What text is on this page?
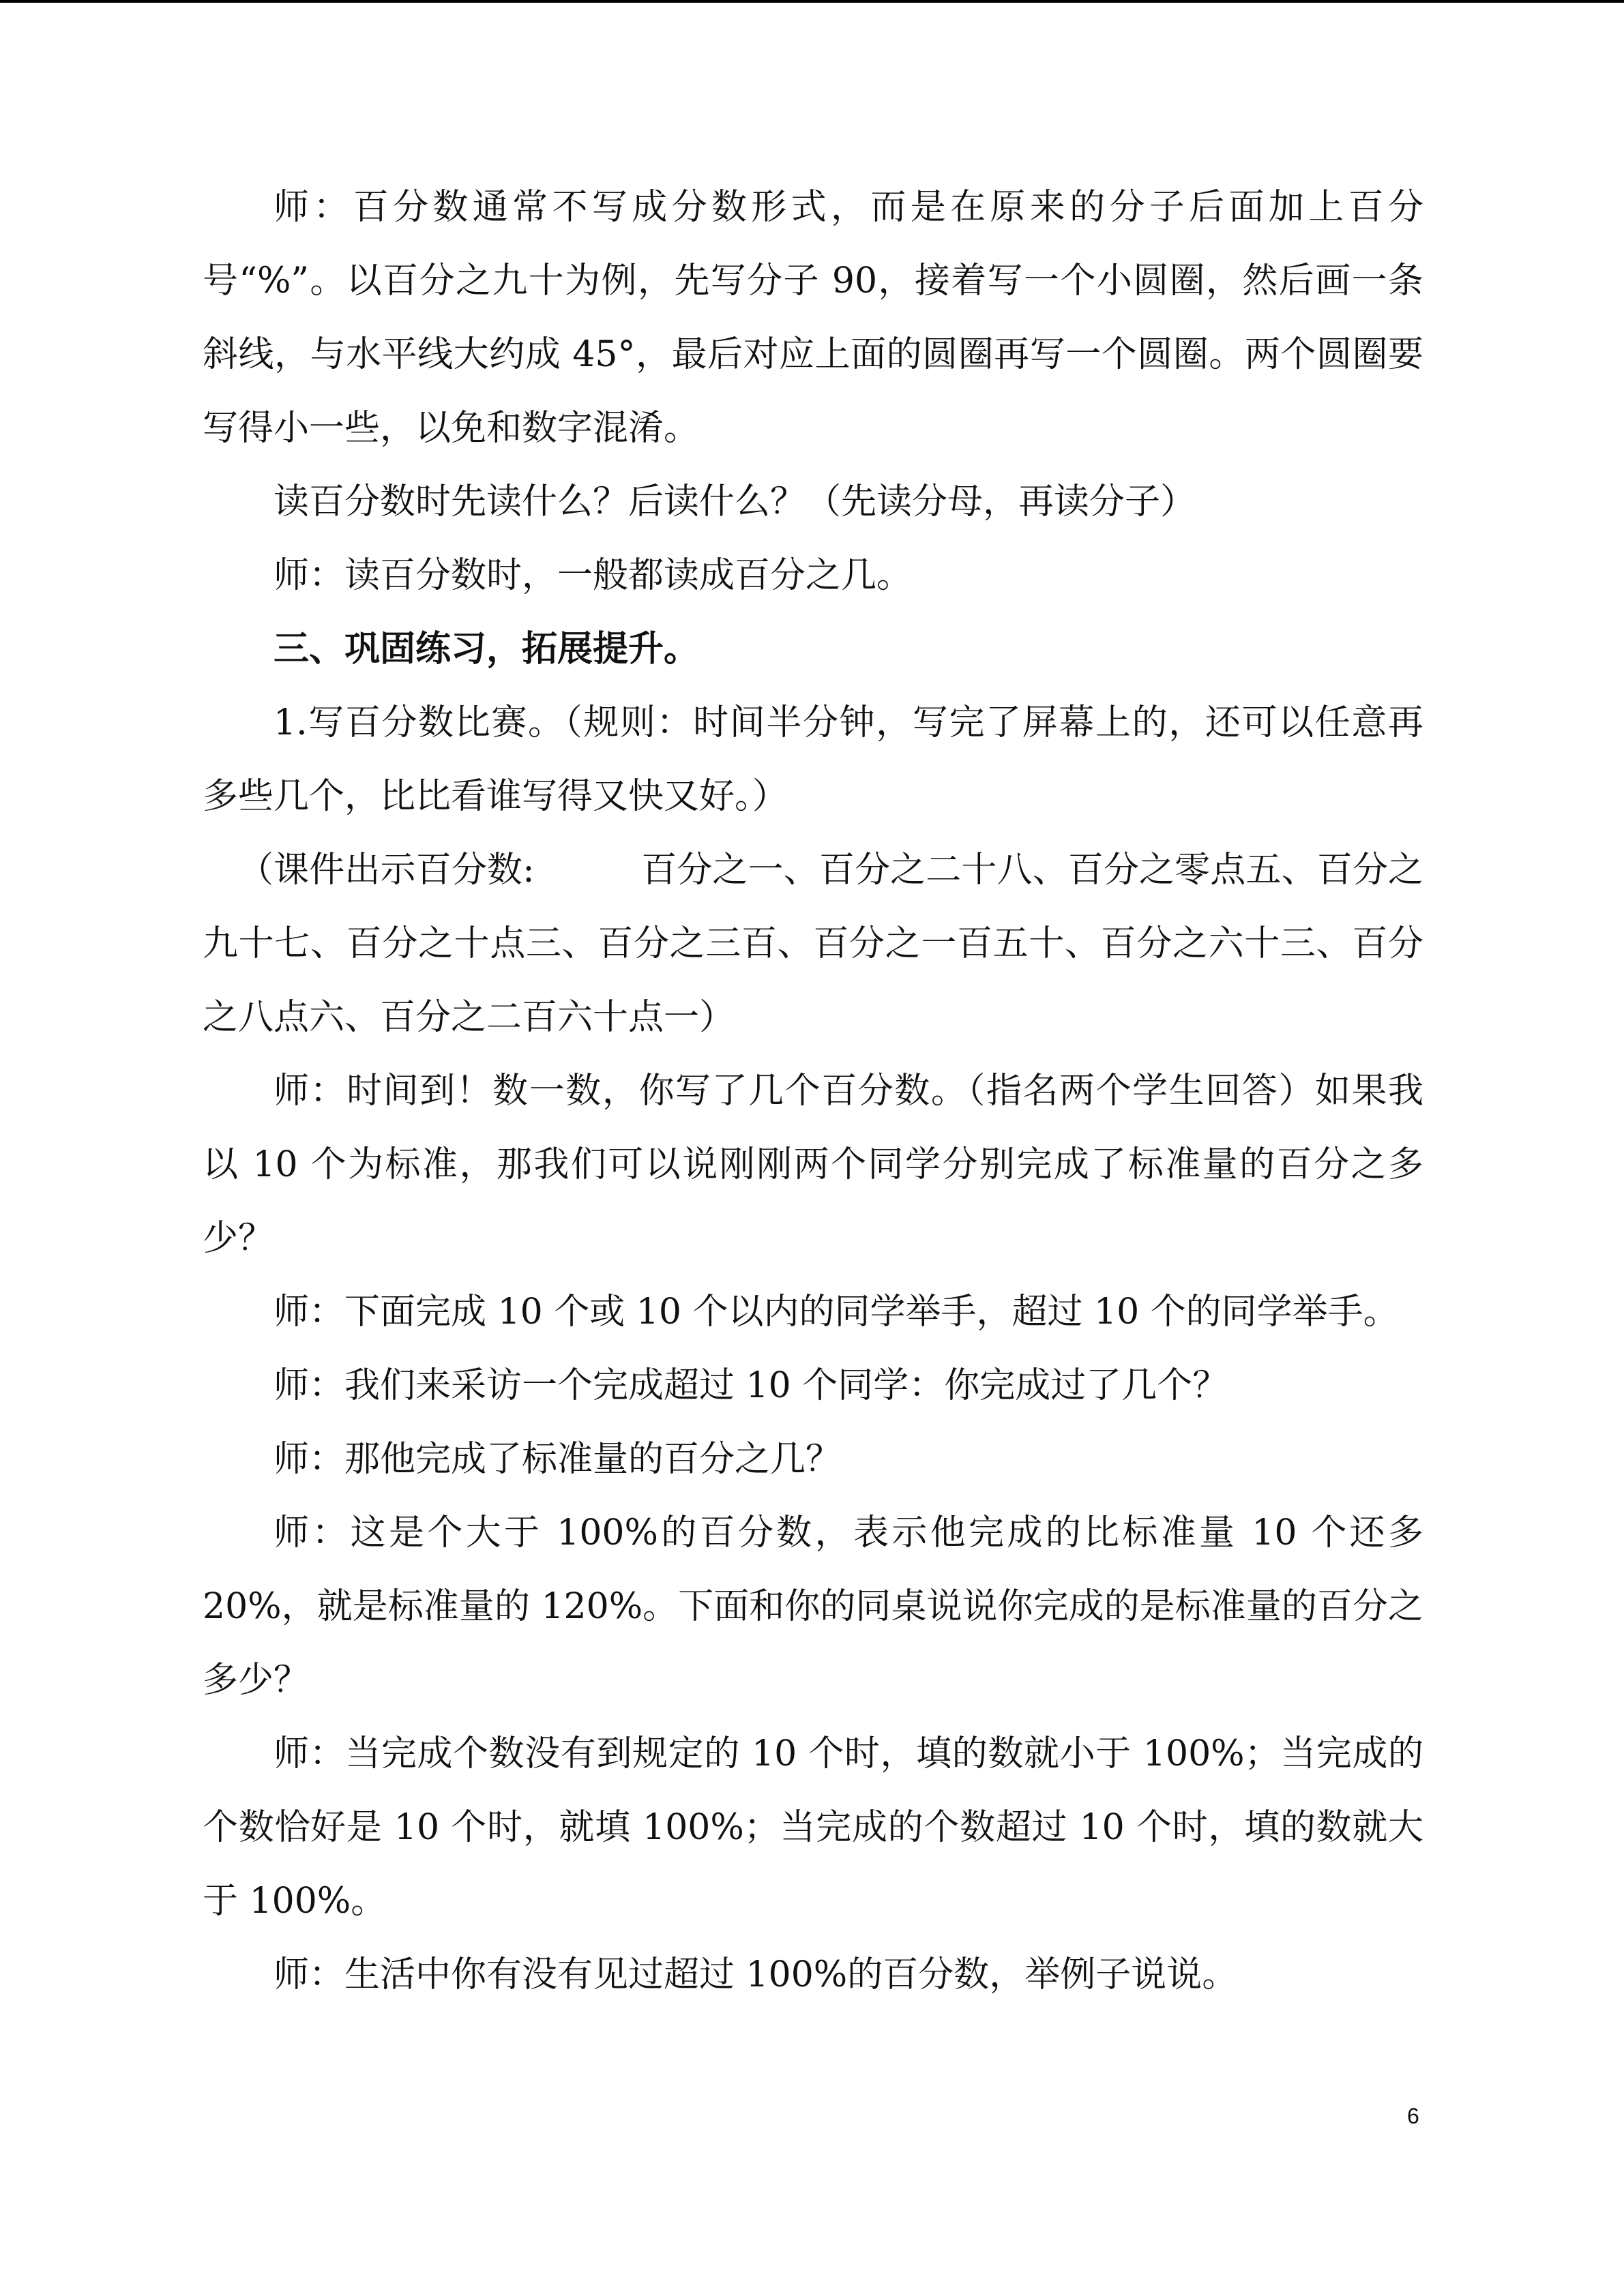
师：百分数通常不写成分数形式，而是在原来的分子后面加上百分号“%”。以百分之九十为例，先写分子 90，接着写一个小圆圈，然后画一条斜线，与水平线大约成 45°，最后对应上面的圆圈再写一个圆圈。两个圆圈要写得小一些，以免和数字混淆。

读百分数时先读什么？后读什么？（先读分母，再读分子）

师：读百分数时，一般都读成百分之几。

三、巩固练习，拓展提升。

1.写百分数比赛。（规则：时间半分钟，写完了屏幕上的，还可以任意再多些几个，比比看谁写得又快又好。）

（课件出示百分数:　　　百分之一、百分之二十八、百分之零点五、百分之九十七、百分之十点三、百分之三百、百分之一百五十、百分之六十三、百分之八点六、百分之二百六十点一）

师：时间到！数一数，你写了几个百分数。（指名两个学生回答）如果我以 10 个为标准，那我们可以说刚刚两个同学分别完成了标准量的百分之多少？

师：下面完成 10 个或 10 个以内的同学举手，超过 10 个的同学举手。

师：我们来采访一个完成超过 10 个同学：你完成过了几个？

师：那他完成了标准量的百分之几？

师：这是个大于 100%的百分数，表示他完成的比标准量 10 个还多 20%，就是标准量的 120%。下面和你的同桌说说你完成的是标准量的百分之多少？

师：当完成个数没有到规定的 10 个时，填的数就小于 100%；当完成的个数恰好是 10 个时，就填 100%；当完成的个数超过 10 个时，填的数就大于 100%。

师：生活中你有没有见过超过 100%的百分数，举例子说说。

6
